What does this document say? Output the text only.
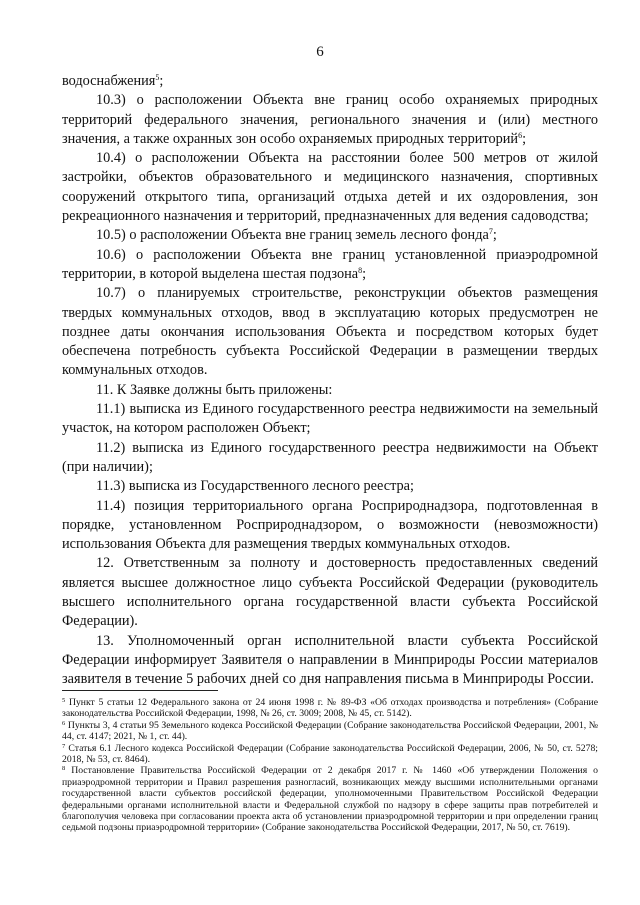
6

водоснабжения$^5$;

10.3) о расположении Объекта вне границ особо охраняемых природных территорий федерального значения, регионального значения и (или) местного значения, а также охранных зон особо охраняемых природных территорий$^6$;

10.4) о расположении Объекта на расстоянии более 500 метров от жилой застройки, объектов образовательного и медицинского назначения, спортивных сооружений открытого типа, организаций отдыха детей и их оздоровления, зон рекреационного назначения и территорий, предназначенных для ведения садоводства;

10.5) о расположении Объекта вне границ земель лесного фонда$^7$;

10.6) о расположении Объекта вне границ установленной приаэродромной территории, в которой выделена шестая подзона$^8$;

10.7) о планируемых строительстве, реконструкции объектов размещения твердых коммунальных отходов, ввод в эксплуатацию которых предусмотрен не позднее даты окончания использования Объекта и посредством которых будет обеспечена потребность субъекта Российской Федерации в размещении твердых коммунальных отходов.

11. К Заявке должны быть приложены:

11.1) выписка из Единого государственного реестра недвижимости на земельный участок, на котором расположен Объект;

11.2) выписка из Единого государственного реестра недвижимости на Объект (при наличии);

11.3) выписка из Государственного лесного реестра;

11.4) позиция территориального органа Росприроднадзора, подготовленная в порядке, установленном Росприроднадзором, о возможности (невозможности) использования Объекта для размещения твердых коммунальных отходов.

12. Ответственным за полноту и достоверность предоставленных сведений является высшее должностное лицо субъекта Российской Федерации (руководитель высшего исполнительного органа государственной власти субъекта Российской Федерации).

13. Уполномоченный орган исполнительной власти субъекта Российской Федерации информирует Заявителя о направлении в Минприроды России материалов заявителя в течение 5 рабочих дней со дня направления письма в Минприроды России.

$^5$ Пункт 5 статьи 12 Федерального закона от 24 июня 1998 г. № 89-ФЗ «Об отходах производства и потребления» (Собрание законодательства Российской Федерации, 1998, № 26, ст. 3009; 2008, № 45, ст. 5142).

$^6$ Пункты 3, 4 статьи 95 Земельного кодекса Российской Федерации (Собрание законодательства Российской Федерации, 2001, № 44, ст. 4147; 2021, № 1, ст. 44).

$^7$ Статья 6.1 Лесного кодекса Российской Федерации (Собрание законодательства Российской Федерации, 2006, № 50, ст. 5278; 2018, № 53, ст. 8464).

$^8$ Постановление Правительства Российской Федерации от 2 декабря 2017 г. № 1460 «Об утверждении Положения о приаэродромной территории и Правил разрешения разногласий, возникающих между высшими исполнительными органами государственной власти субъектов российской федерации, уполномоченными Правительством Российской Федерации федеральными органами исполнительной власти и Федеральной службой по надзору в сфере защиты прав потребителей и благополучия человека при согласовании проекта акта об установлении приаэродромной территории и при определении границ седьмой подзоны приаэродромной территории» (Собрание законодательства Российской Федерации, 2017, № 50, ст. 7619).
